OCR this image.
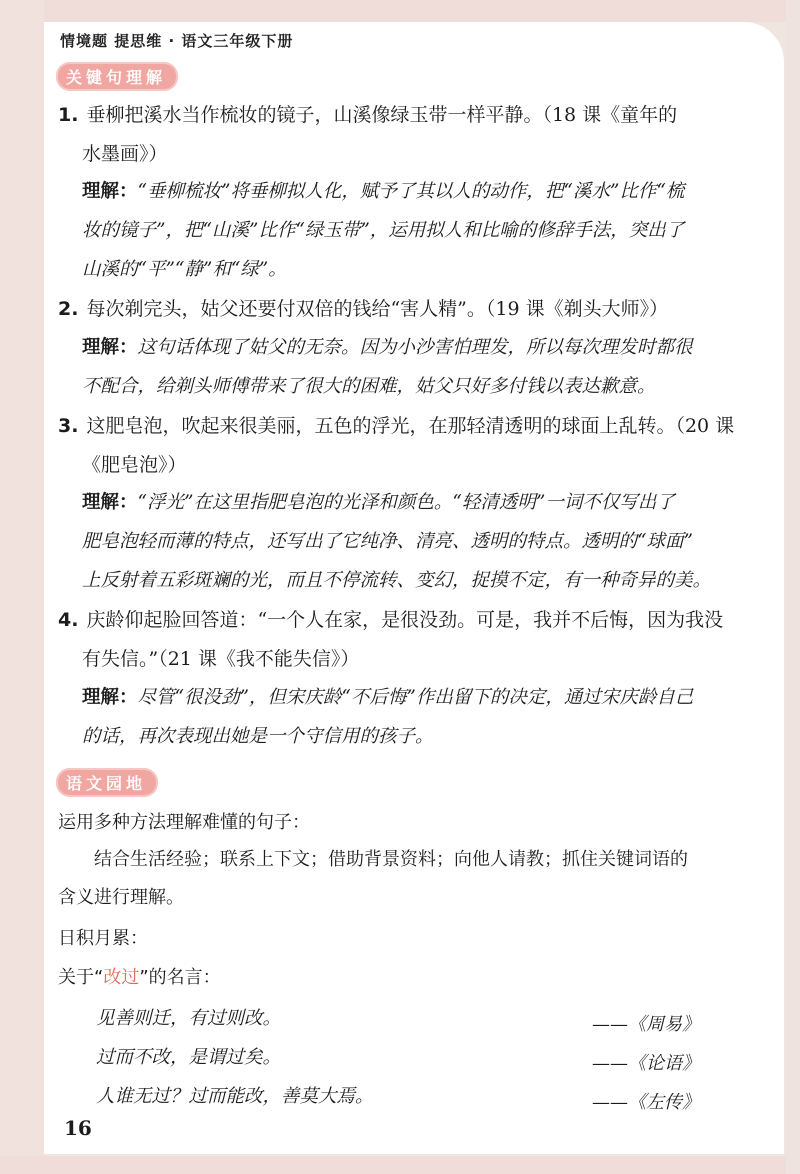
情境题 提思维 · 语文三年级下册
关键句理解
1. 垂柳把溪水当作梳妆的镜子，山溪像绿玉带一样平静。（18 课《童年的
水墨画》）
理解：“垂柳梳妆”将垂柳拟人化，赋予了其以人的动作，把“溪水”比作“梳
妆的镜子”，把“山溪”比作“绿玉带”，运用拟人和比喻的修辞手法，突出了
山溪的“平”“静”和“绿”。
2. 每次剃完头，姑父还要付双倍的钱给“害人精”。（19 课《剃头大师》）
理解：这句话体现了姑父的无奈。因为小沙害怕理发，所以每次理发时都很
不配合，给剃头师傅带来了很大的困难，姑父只好多付钱以表达歉意。
3. 这肥皂泡，吹起来很美丽，五色的浮光，在那轻清透明的球面上乱转。（20 课
《肥皂泡》）
理解：“浮光”在这里指肥皂泡的光泽和颜色。“轻清透明”一词不仅写出了
肥皂泡轻而薄的特点，还写出了它纯净、清亮、透明的特点。透明的“球面”
上反射着五彩斑斓的光，而且不停流转、变幻，捉摸不定，有一种奇异的美。
4. 庆龄仰起脸回答道：“一个人在家，是很没劲。可是，我并不后悔，因为我没
有失信。”（21 课《我不能失信》）
理解：尽管“很没劲”，但宋庆龄“不后悔”作出留下的决定，通过宋庆龄自己
的话，再次表现出她是一个守信用的孩子。
语文园地
运用多种方法理解难懂的句子：
结合生活经验；联系上下文；借助背景资料；向他人请教；抓住关键词语的
含义进行理解。
日积月累：
关于“改过”的名言：
见善则迁，有过则改。	——《周易》
过而不改，是谓过矣。	——《论语》
人谁无过？过而能改，善莫大焉。	——《左传》
16
